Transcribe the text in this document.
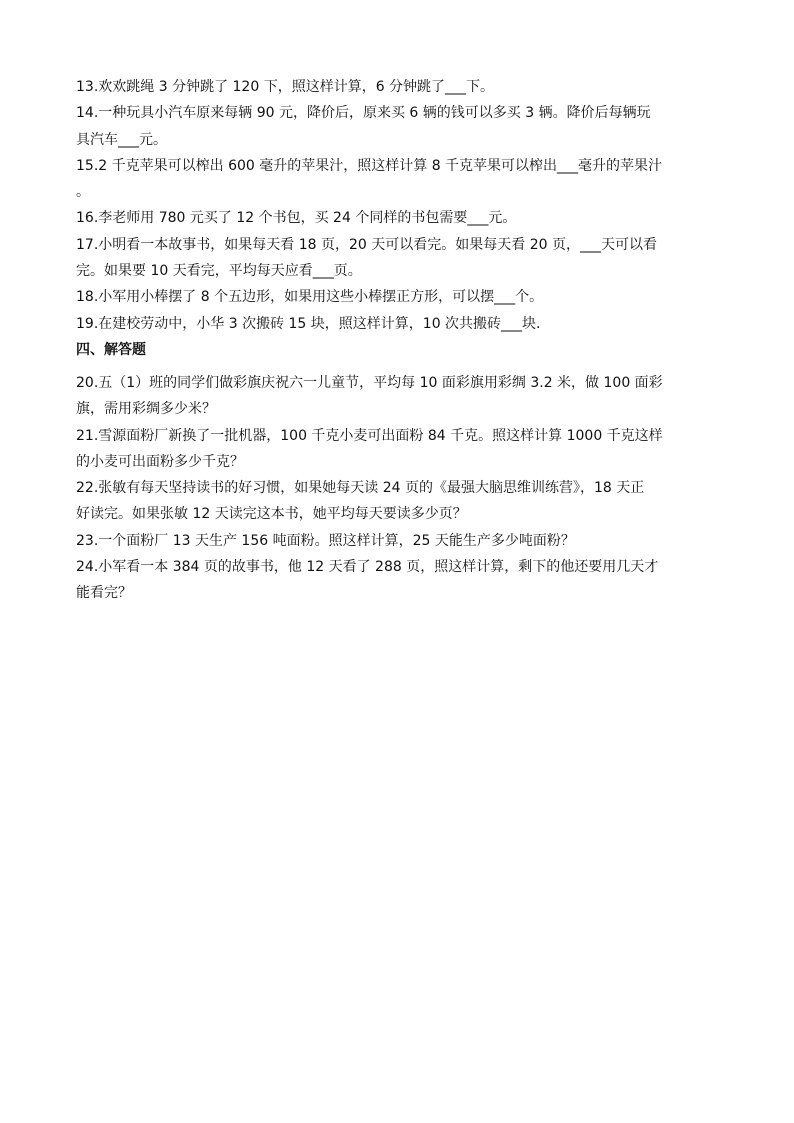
13.欢欢跳绳 3 分钟跳了 120 下，照这样计算，6 分钟跳了___下。
14.一种玩具小汽车原来每辆 90 元，降价后，原来买 6 辆的钱可以多买 3 辆。降价后每辆玩
具汽车___元。
15.2 千克苹果可以榨出 600 毫升的苹果汁，照这样计算 8 千克苹果可以榨出___毫升的苹果汁
。
16.李老师用 780 元买了 12 个书包，买 24 个同样的书包需要___元。
17.小明看一本故事书，如果每天看 18 页，20 天可以看完。如果每天看 20 页，___天可以看
完。如果要 10 天看完，平均每天应看___页。
18.小军用小棒摆了 8 个五边形，如果用这些小棒摆正方形，可以摆___个。
19.在建校劳动中，小华 3 次搬砖 15 块，照这样计算，10 次共搬砖___块.
四、解答题
20.五（1）班的同学们做彩旗庆祝六一儿童节，平均每 10 面彩旗用彩绸 3.2 米，做 100 面彩
旗，需用彩绸多少米？
21.雪源面粉厂新换了一批机器，100 千克小麦可出面粉 84 千克。照这样计算 1000 千克这样
的小麦可出面粉多少千克？
22.张敏有每天坚持读书的好习惯，如果她每天读 24 页的《最强大脑思维训练营》，18 天正
好读完。如果张敏 12 天读完这本书，她平均每天要读多少页？
23.一个面粉厂 13 天生产 156 吨面粉。照这样计算，25 天能生产多少吨面粉？
24.小军看一本 384 页的故事书，他 12 天看了 288 页，照这样计算，剩下的他还要用几天才
能看完？
